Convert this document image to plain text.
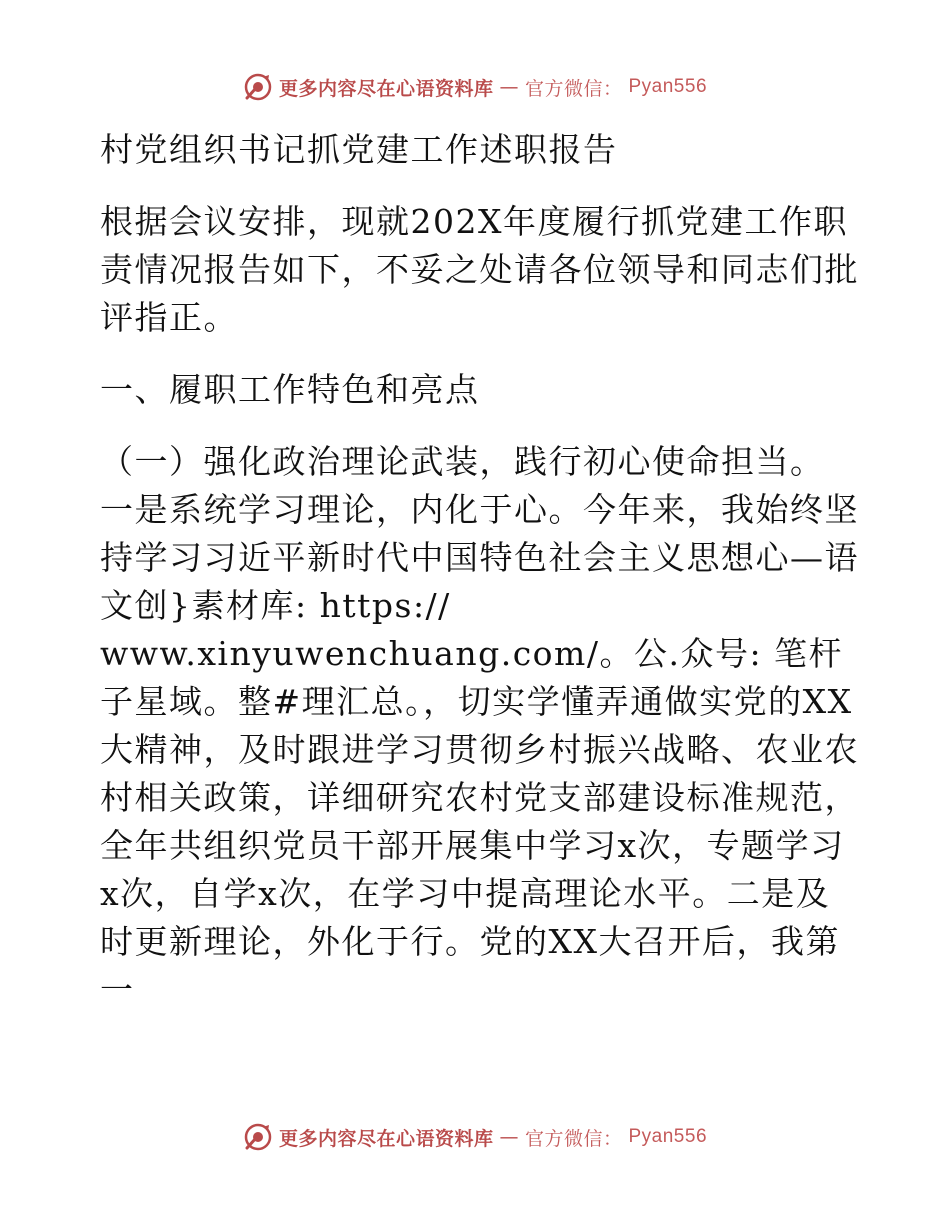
更多内容尽在心语资料库 — 官方微信： Pyan556

村党组织书记抓党建工作述职报告

根据会议安排，现就202X年度履行抓党建工作职责情况报告如下，不妥之处请各位领导和同志们批评指正。

一、履职工作特色和亮点

（一）强化政治理论武装，践行初心使命担当。

一是系统学习理论，内化于心。今年来，我始终坚持学习习近平新时代中国特色社会主义思想心—语文创}素材库: https://

www.xinyuwenchuang.com/。公.众号: 笔杆子星域。整#理汇总。，切实学懂弄通做实党的XX大精神，及时跟进学习贯彻乡村振兴战略、农业农村相关政策，详细研究农村党支部建设标准规范，全年共组织党员干部开展集中学习x次，专题学习x次，自学x次，在学习中提高理论水平。二是及时更新理论，外化于行。党的XX大召开后，我第一

更多内容尽在心语资料库 — 官方微信： Pyan556
